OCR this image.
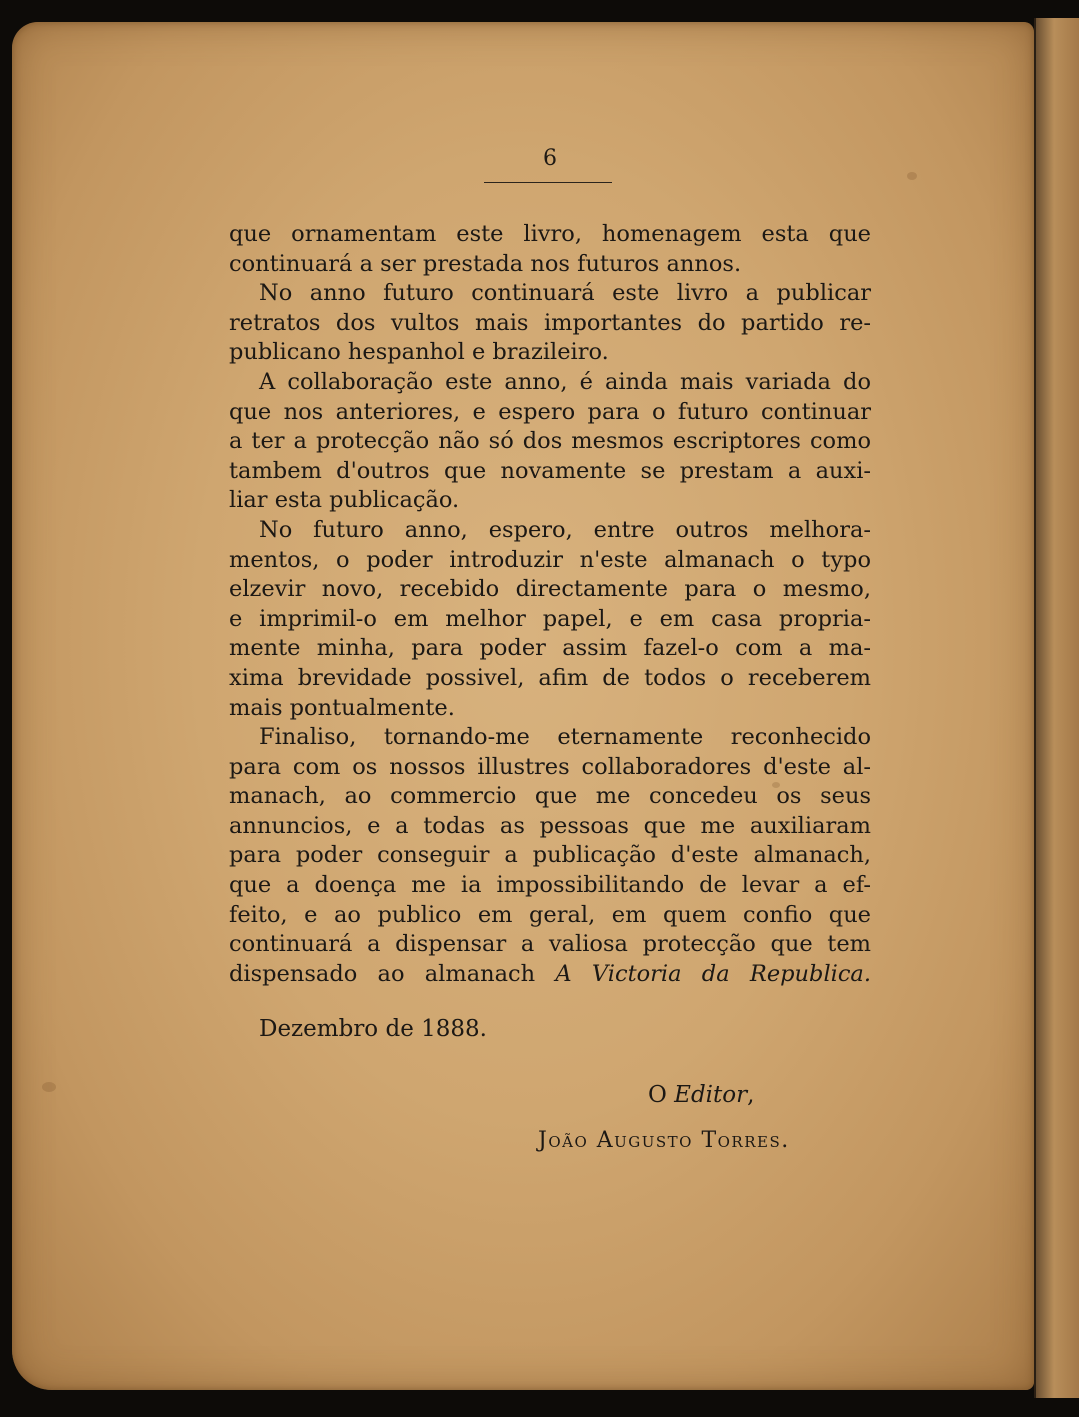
6
que ornamentam este livro, homenagem esta que
continuará a ser prestada nos futuros annos.
No anno futuro continuará este livro a publicar
retratos dos vultos mais importantes do partido re-
publicano hespanhol e brazileiro.
A collaboração este anno, é ainda mais variada do
que nos anteriores, e espero para o futuro continuar
a ter a protecção não só dos mesmos escriptores como
tambem d'outros que novamente se prestam a auxi-
liar esta publicação.
No futuro anno, espero, entre outros melhora-
mentos, o poder introduzir n'este almanach o typo
elzevir novo, recebido directamente para o mesmo,
e imprimil-o em melhor papel, e em casa propria-
mente minha, para poder assim fazel-o com a ma-
xima brevidade possivel, afim de todos o receberem
mais pontualmente.
Finaliso, tornando-me eternamente reconhecido
para com os nossos illustres collaboradores d'este al-
manach, ao commercio que me concedeu os seus
annuncios, e a todas as pessoas que me auxiliaram
para poder conseguir a publicação d'este almanach,
que a doença me ia impossibilitando de levar a ef-
feito, e ao publico em geral, em quem confio que
continuará a dispensar a valiosa protecção que tem
dispensado ao almanach A Victoria da Republica.
Dezembro de 1888.
O Editor,
João Augusto Torres.
